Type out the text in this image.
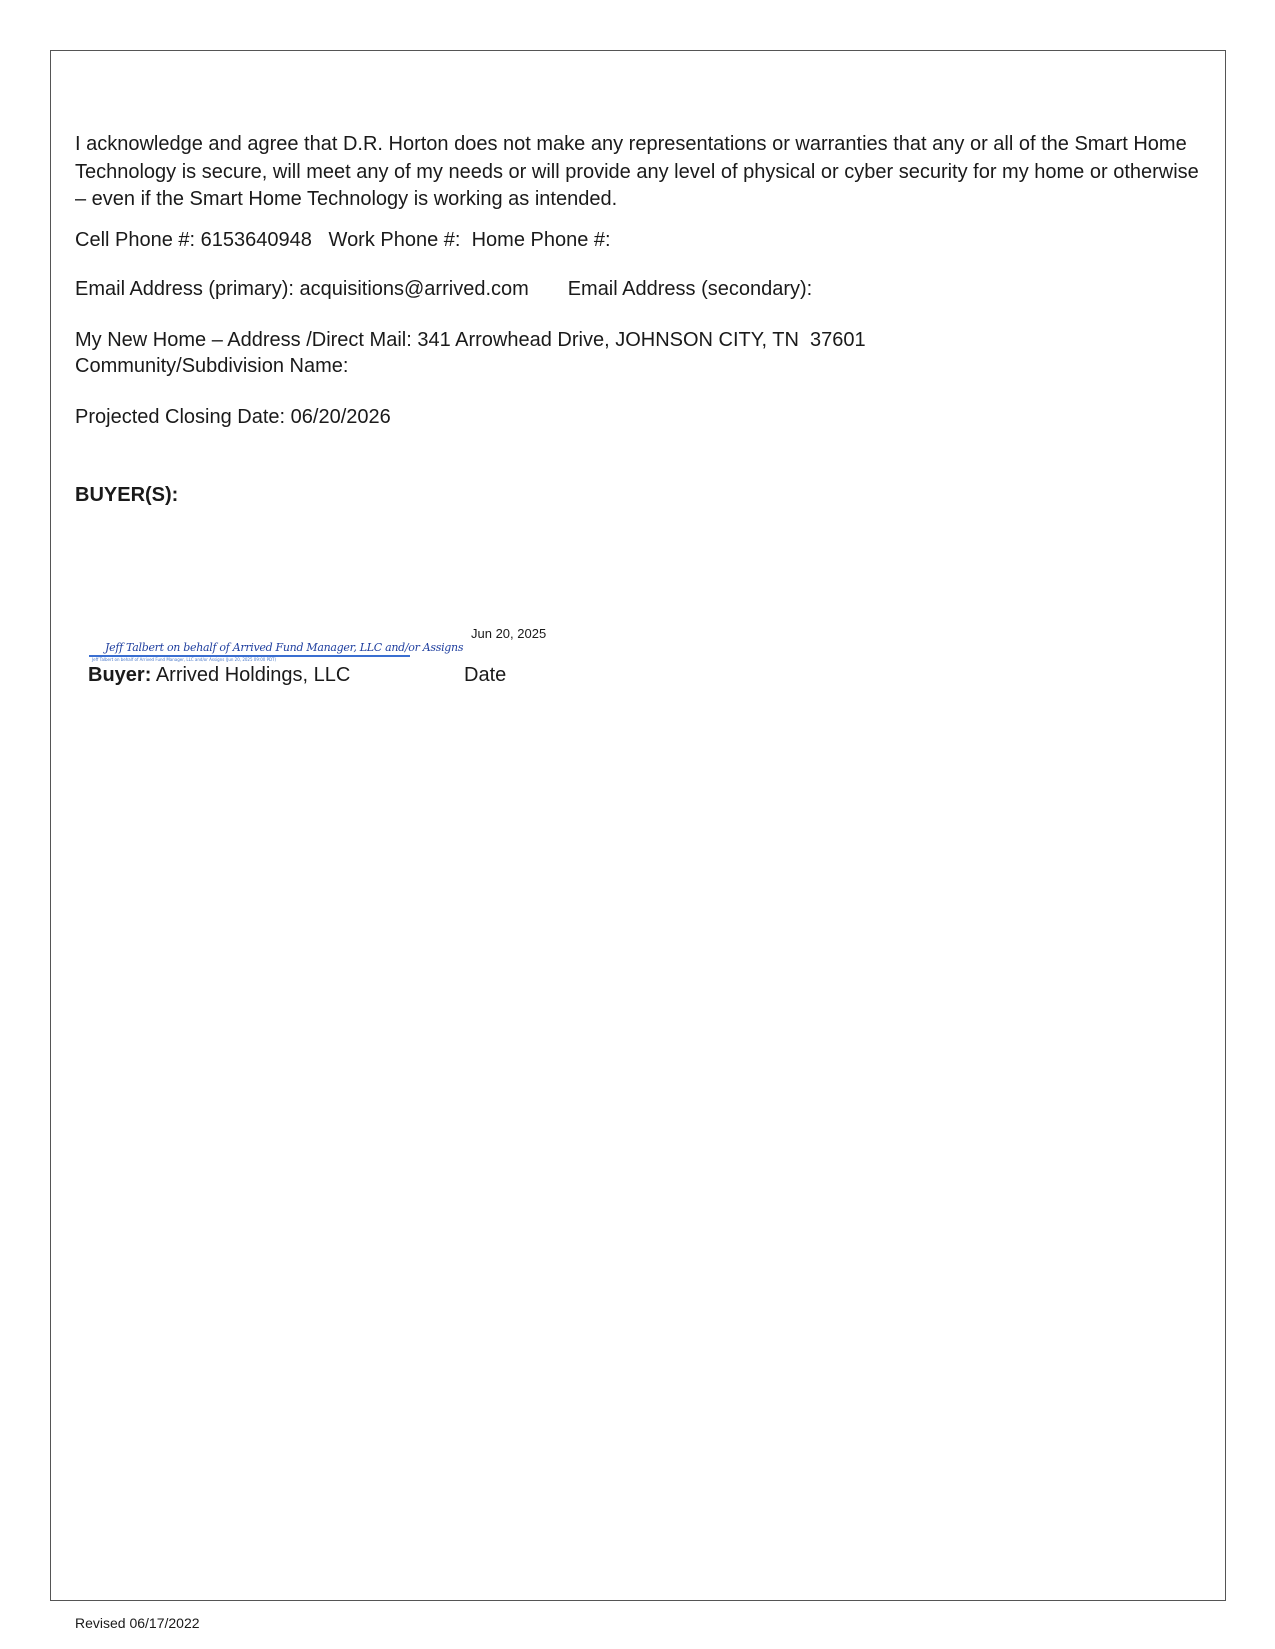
I acknowledge and agree that D.R. Horton does not make any representations or warranties that any or all of the Smart Home Technology is secure, will meet any of my needs or will provide any level of physical or cyber security for my home or otherwise – even if the Smart Home Technology is working as intended.
Cell Phone #: 6153640948 Work Phone #: Home Phone #:
Email Address (primary): acquisitions@arrived.com Email Address (secondary):
My New Home – Address /Direct Mail: 341 Arrowhead Drive, JOHNSON CITY, TN  37601
Community/Subdivision Name:
Projected Closing Date: 06/20/2026
BUYER(S):
Jun 20, 2025
Jeff Talbert on behalf of Arrived Fund Manager, LLC and/or Assigns
Jeff Talbert on behalf of Arrived Fund Manager, LLC and/or Assigns (Jun 20, 2025 09:00 PDT)
Buyer: Arrived Holdings, LLC	Date
Revised 06/17/2022
